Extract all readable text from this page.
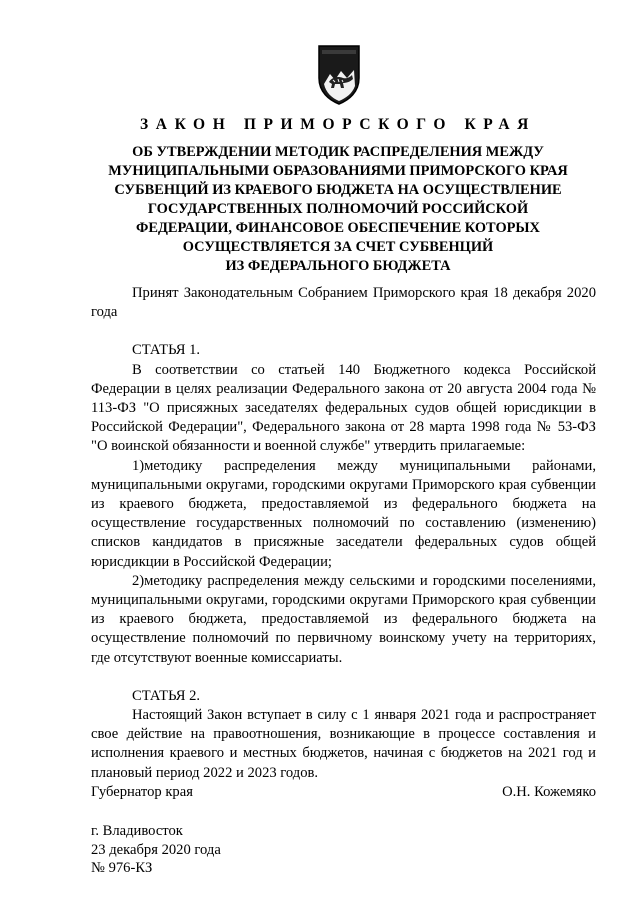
ЗАКОН ПРИМОРСКОГО КРАЯ
ОБ УТВЕРЖДЕНИИ МЕТОДИК РАСПРЕДЕЛЕНИЯ МЕЖДУ
МУНИЦИПАЛЬНЫМИ ОБРАЗОВАНИЯМИ ПРИМОРСКОГО КРАЯ
СУБВЕНЦИЙ ИЗ КРАЕВОГО БЮДЖЕТА НА ОСУЩЕСТВЛЕНИЕ
ГОСУДАРСТВЕННЫХ ПОЛНОМОЧИЙ РОССИЙСКОЙ
ФЕДЕРАЦИИ, ФИНАНСОВОЕ ОБЕСПЕЧЕНИЕ КОТОРЫХ
ОСУЩЕСТВЛЯЕТСЯ ЗА СЧЕТ СУБВЕНЦИЙ
ИЗ ФЕДЕРАЛЬНОГО БЮДЖЕТА

Принят Законодательным Собранием Приморского края 18 декабря 2020 года

СТАТЬЯ 1.

В соответствии со статьей 140 Бюджетного кодекса Российской Федерации в целях реализации Федерального закона от 20 августа 2004 года № 113-ФЗ "О присяжных заседателях федеральных судов общей юрисдикции в Российской Федерации", Федерального закона от 28 марта 1998 года № 53-ФЗ "О воинской обязанности и военной службе" утвердить прилагаемые:

1)методику распределения между муниципальными районами, муниципальными округами, городскими округами Приморского края субвенции из краевого бюджета, предоставляемой из федерального бюджета на осуществление государственных полномочий по составлению (изменению) списков кандидатов в присяжные заседатели федеральных судов общей юрисдикции в Российской Федерации;

2)методику распределения между сельскими и городскими поселениями, муниципальными округами, городскими округами Приморского края субвенции из краевого бюджета, предоставляемой из федерального бюджета на осуществление полномочий по первичному воинскому учету на территориях, где отсутствуют военные комиссариаты.

СТАТЬЯ 2.

Настоящий Закон вступает в силу с 1 января 2021 года и распространяет свое действие на правоотношения, возникающие в процессе составления и исполнения краевого и местных бюджетов, начиная с бюджетов на 2021 год и плановый период 2022 и 2023 годов.

Губернатор края	О.Н. Кожемяко
г. Владивосток
23 декабря 2020 года
№ 976-КЗ
